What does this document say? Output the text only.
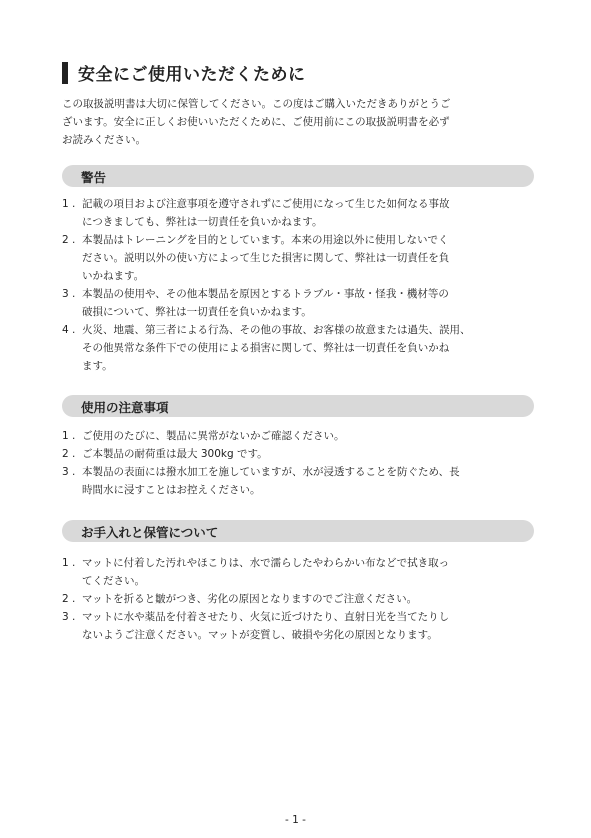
安全にご使用いただくために
この取扱説明書は大切に保管してください。この度はご購入いただきありがとうご
ざいます。安全に正しくお使いいただくために、ご使用前にこの取扱説明書を必ず
お読みください。
警告
1 . 記載の項目および注意事項を遵守されずにご使用になって生じた如何なる事故
につきましても、弊社は一切責任を負いかねます。
2 . 本製品はトレーニングを目的としています。本来の用途以外に使用しないでく
ださい。説明以外の使い方によって生じた損害に関して、弊社は一切責任を負
いかねます。
3 . 本製品の使用や、その他本製品を原因とするトラブル・事故・怪我・機材等の
破損について、弊社は一切責任を負いかねます。
4 . 火災、地震、第三者による行為、その他の事故、お客様の故意または過失、誤用、
その他異常な条件下での使用による損害に関して、弊社は一切責任を負いかね
ます。
使用の注意事項
1 . ご使用のたびに、製品に異常がないかご確認ください。
2 . ご本製品の耐荷重は最大 300kg です。
3 . 本製品の表面には撥水加工を施していますが、水が浸透することを防ぐため、長
時間水に浸すことはお控えください。
お手入れと保管について
1 . マットに付着した汚れやほこりは、水で濡らしたやわらかい布などで拭き取っ
てください。
2 . マットを折ると皺がつき、劣化の原因となりますのでご注意ください。
3 . マットに水や薬品を付着させたり、火気に近づけたり、直射日光を当てたりし
ないようご注意ください。マットが変質し、破損や劣化の原因となります。
- 1 -
